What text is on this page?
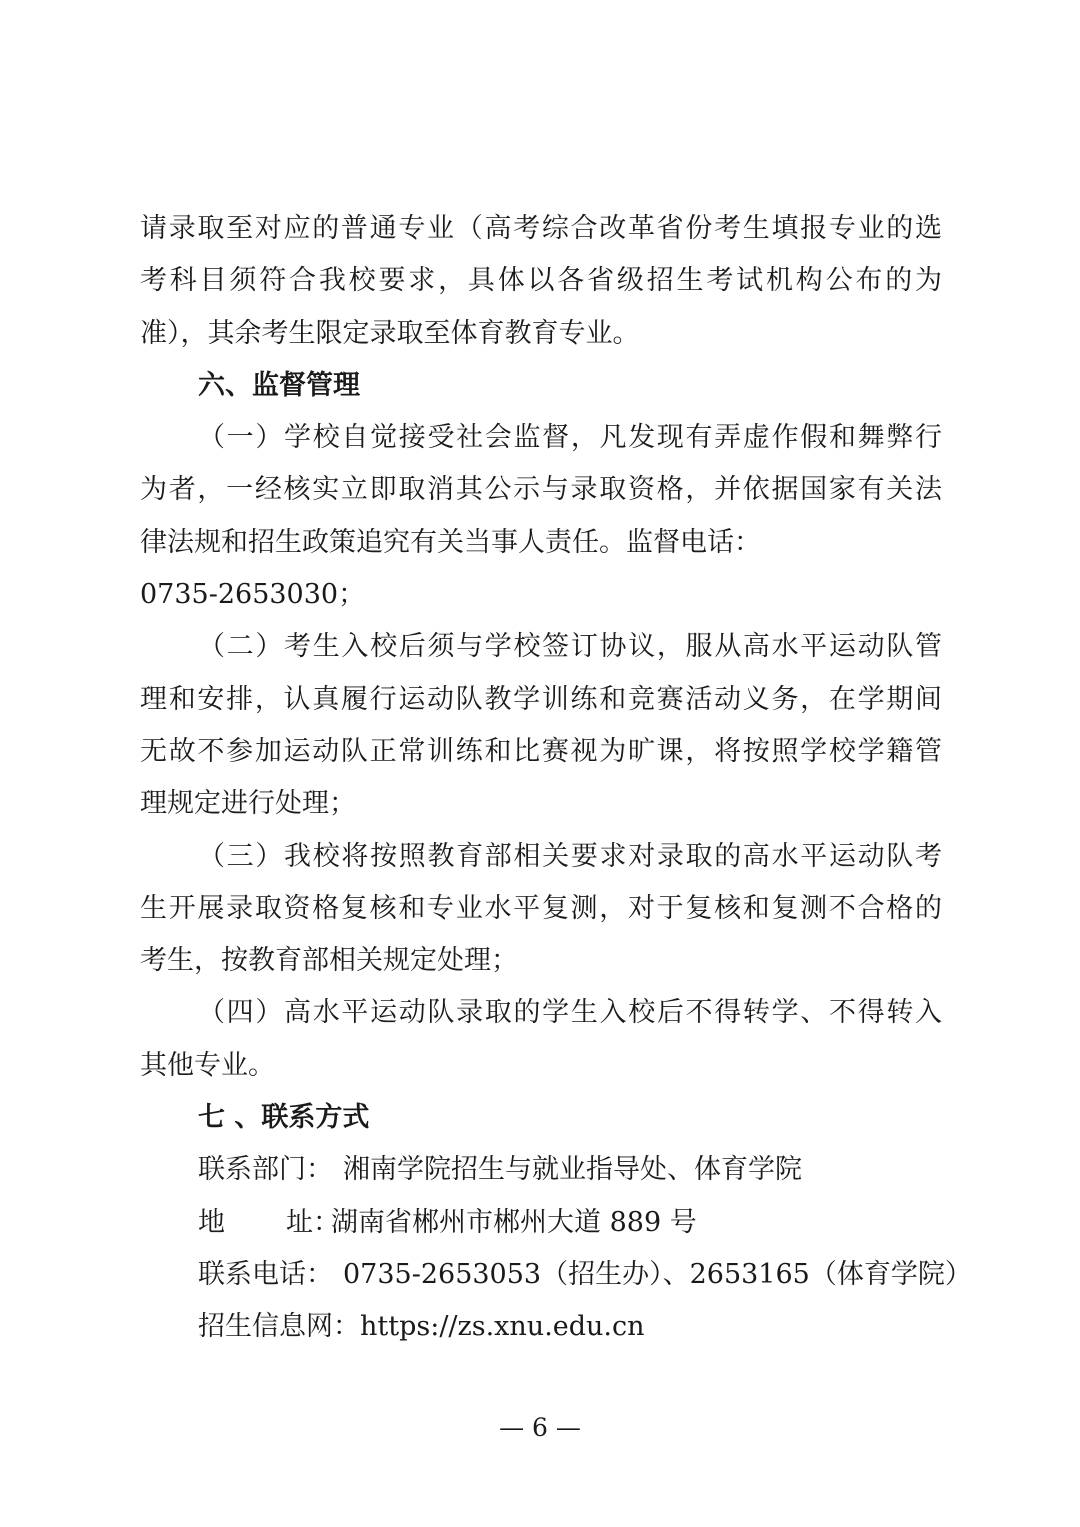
请录取至对应的普通专业（高考综合改革省份考生填报专业的选
考科目须符合我校要求，具体以各省级招生考试机构公布的为
准），其余考生限定录取至体育教育专业。
六、监督管理
（一）学校自觉接受社会监督，凡发现有弄虚作假和舞弊行
为者，一经核实立即取消其公示与录取资格，并依据国家有关法
律法规和招生政策追究有关当事人责任。监督电话：
0735-2653030；
（二）考生入校后须与学校签订协议，服从高水平运动队管
理和安排，认真履行运动队教学训练和竞赛活动义务，在学期间
无故不参加运动队正常训练和比赛视为旷课，将按照学校学籍管
理规定进行处理；
（三）我校将按照教育部相关要求对录取的高水平运动队考
生开展录取资格复核和专业水平复测，对于复核和复测不合格的
考生，按教育部相关规定处理；
（四）高水平运动队录取的学生入校后不得转学、不得转入
其他专业。
七 、联系方式
联系部门： 湘南学院招生与就业指导处、体育学院
地 址：湖南省郴州市郴州大道 889 号
联系电话： 0735-2653053（招生办）、2653165（体育学院）
招生信息网：https://zs.xnu.edu.cn
— 6 —
